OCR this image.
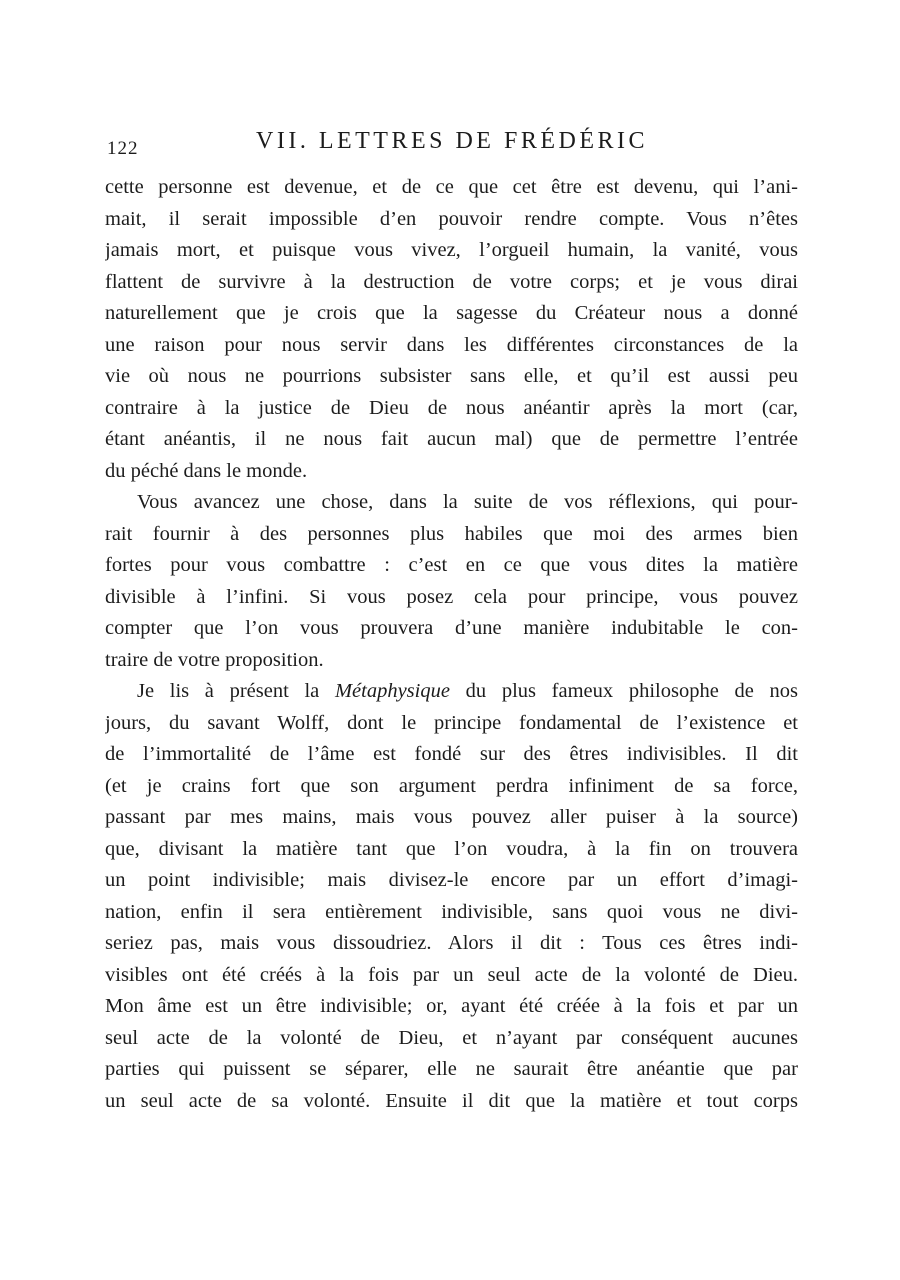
122	VII. LETTRES DE FRÉDÉRIC
cette personne est devenue, et de ce que cet être est devenu, qui l’ani-
mait, il serait impossible d’en pouvoir rendre compte. Vous n’êtes
jamais mort, et puisque vous vivez, l’orgueil humain, la vanité, vous
flattent de survivre à la destruction de votre corps; et je vous dirai
naturellement que je crois que la sagesse du Créateur nous a donné
une raison pour nous servir dans les différentes circonstances de la
vie où nous ne pourrions subsister sans elle, et qu’il est aussi peu
contraire à la justice de Dieu de nous anéantir après la mort (car,
étant anéantis, il ne nous fait aucun mal) que de permettre l’entrée
du péché dans le monde.
Vous avancez une chose, dans la suite de vos réflexions, qui pour-
rait fournir à des personnes plus habiles que moi des armes bien
fortes pour vous combattre : c’est en ce que vous dites la matière
divisible à l’infini. Si vous posez cela pour principe, vous pouvez
compter que l’on vous prouvera d’une manière indubitable le con-
traire de votre proposition.
Je lis à présent la Métaphysique du plus fameux philosophe de nos
jours, du savant Wolff, dont le principe fondamental de l’existence et
de l’immortalité de l’âme est fondé sur des êtres indivisibles. Il dit
(et je crains fort que son argument perdra infiniment de sa force,
passant par mes mains, mais vous pouvez aller puiser à la source)
que, divisant la matière tant que l’on voudra, à la fin on trouvera
un point indivisible; mais divisez-le encore par un effort d’imagi-
nation, enfin il sera entièrement indivisible, sans quoi vous ne divi-
seriez pas, mais vous dissoudriez. Alors il dit : Tous ces êtres indi-
visibles ont été créés à la fois par un seul acte de la volonté de Dieu.
Mon âme est un être indivisible; or, ayant été créée à la fois et par un
seul acte de la volonté de Dieu, et n’ayant par conséquent aucunes
parties qui puissent se séparer, elle ne saurait être anéantie que par
un seul acte de sa volonté. Ensuite il dit que la matière et tout corps
